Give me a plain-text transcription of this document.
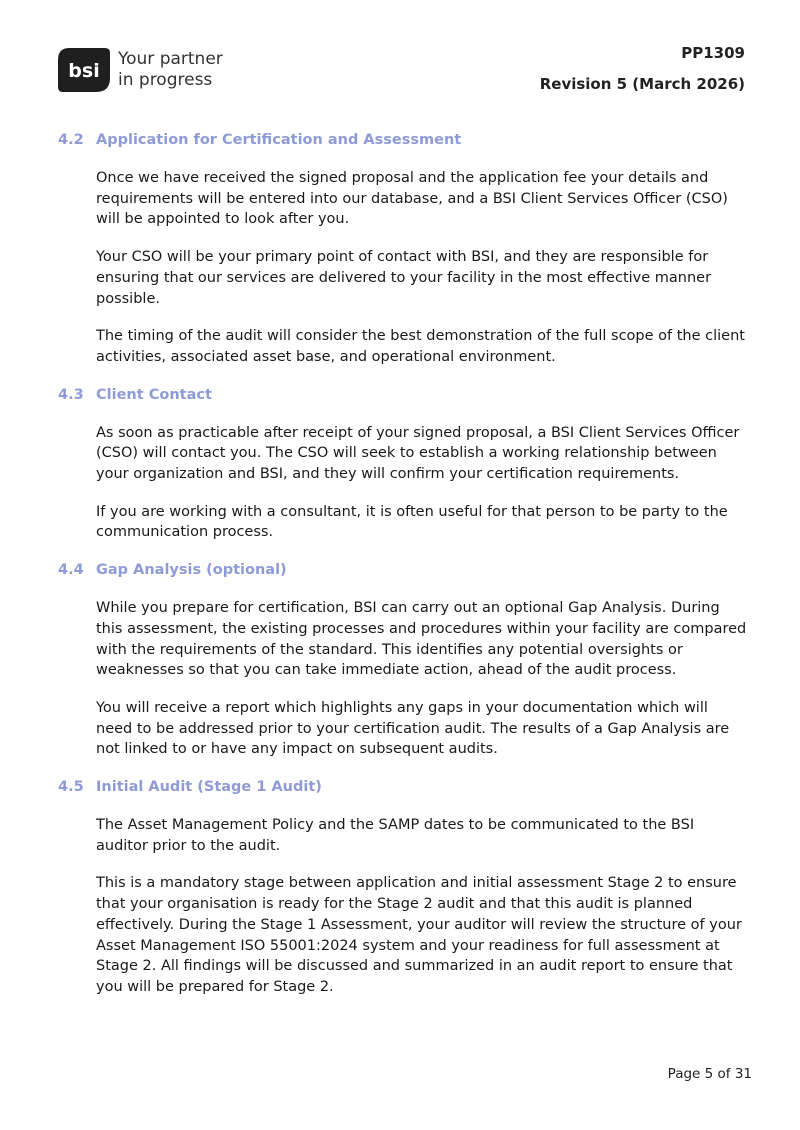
bsi
Your partner
in progress
PP1309
Revision 5 (March 2026)
4.2 Application for Certification and Assessment

Once we have received the signed proposal and the application fee your details and requirements will be entered into our database, and a BSI Client Services Officer (CSO) will be appointed to look after you.

Your CSO will be your primary point of contact with BSI, and they are responsible for ensuring that our services are delivered to your facility in the most effective manner possible.

The timing of the audit will consider the best demonstration of the full scope of the client activities, associated asset base, and operational environment.

4.3 Client Contact

As soon as practicable after receipt of your signed proposal, a BSI Client Services Officer (CSO) will contact you. The CSO will seek to establish a working relationship between your organization and BSI, and they will confirm your certification requirements.

If you are working with a consultant, it is often useful for that person to be party to the communication process.

4.4 Gap Analysis (optional)

While you prepare for certification, BSI can carry out an optional Gap Analysis. During this assessment, the existing processes and procedures within your facility are compared with the requirements of the standard. This identifies any potential oversights or weaknesses so that you can take immediate action, ahead of the audit process.

You will receive a report which highlights any gaps in your documentation which will need to be addressed prior to your certification audit. The results of a Gap Analysis are not linked to or have any impact on subsequent audits.

4.5 Initial Audit (Stage 1 Audit)

The Asset Management Policy and the SAMP dates to be communicated to the BSI auditor prior to the audit.

This is a mandatory stage between application and initial assessment Stage 2 to ensure that your organisation is ready for the Stage 2 audit and that this audit is planned effectively. During the Stage 1 Assessment, your auditor will review the structure of your Asset Management ISO 55001:2024 system and your readiness for full assessment at Stage 2. All findings will be discussed and summarized in an audit report to ensure that you will be prepared for Stage 2.

Page 5 of 31
